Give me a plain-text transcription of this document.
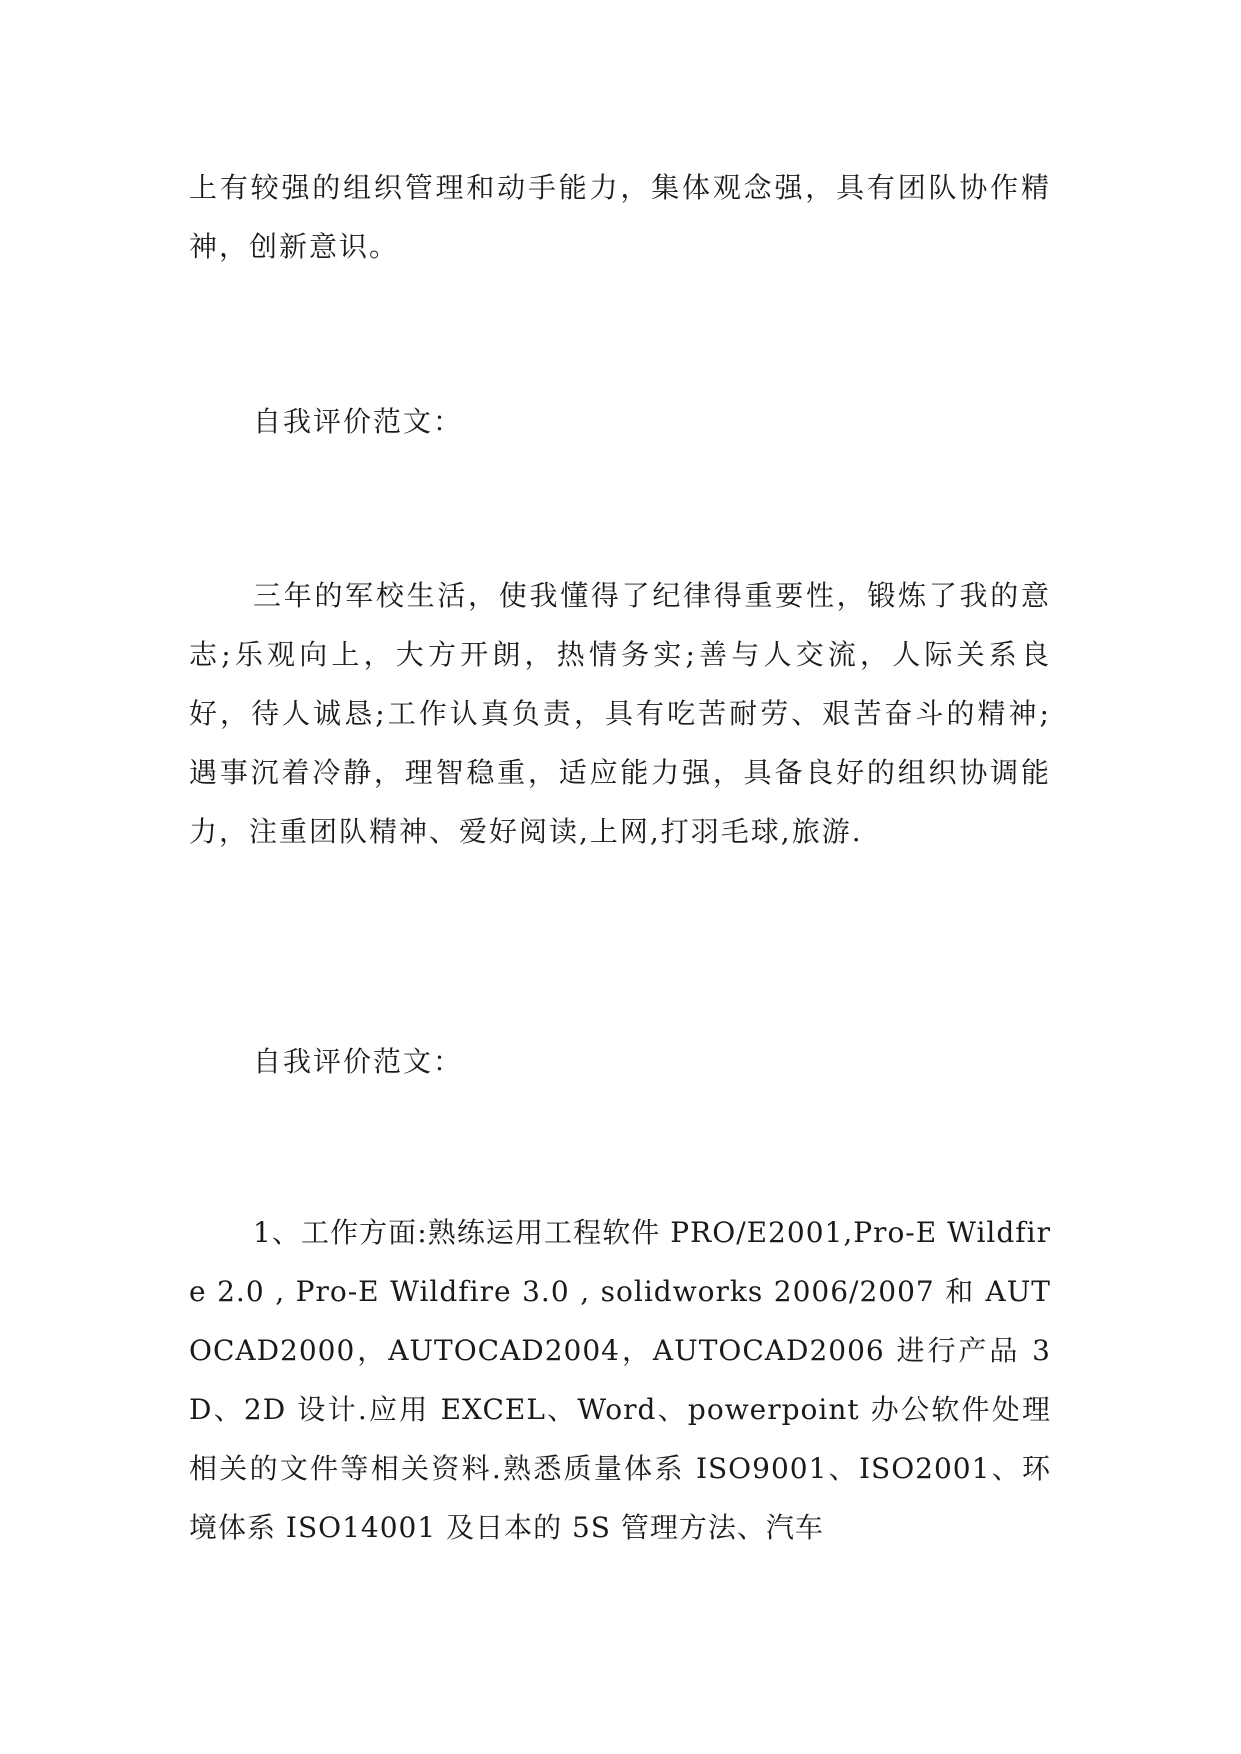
上有较强的组织管理和动手能力，集体观念强，具有团队协作精神，创新意识。

自我评价范文：

三年的军校生活，使我懂得了纪律得重要性，锻炼了我的意志;乐观向上，大方开朗，热情务实;善与人交流，人际关系良好，待人诚恳;工作认真负责，具有吃苦耐劳、艰苦奋斗的精神;遇事沉着冷静，理智稳重，适应能力强，具备良好的组织协调能力，注重团队精神、爱好阅读,上网,打羽毛球,旅游.

自我评价范文：

1、工作方面:熟练运用工程软件 PRO/E2001,Pro-E Wildfire 2.0 , Pro-E Wildfire 3.0 , solidworks 2006/2007 和 AUTOCAD2000，AUTOCAD2004，AUTOCAD2006 进行产品 3D、2D 设计.应用 EXCEL、Word、powerpoint 办公软件处理相关的文件等相关资料.熟悉质量体系 ISO9001、ISO2001、环境体系 ISO14001 及日本的 5S 管理方法、汽车
